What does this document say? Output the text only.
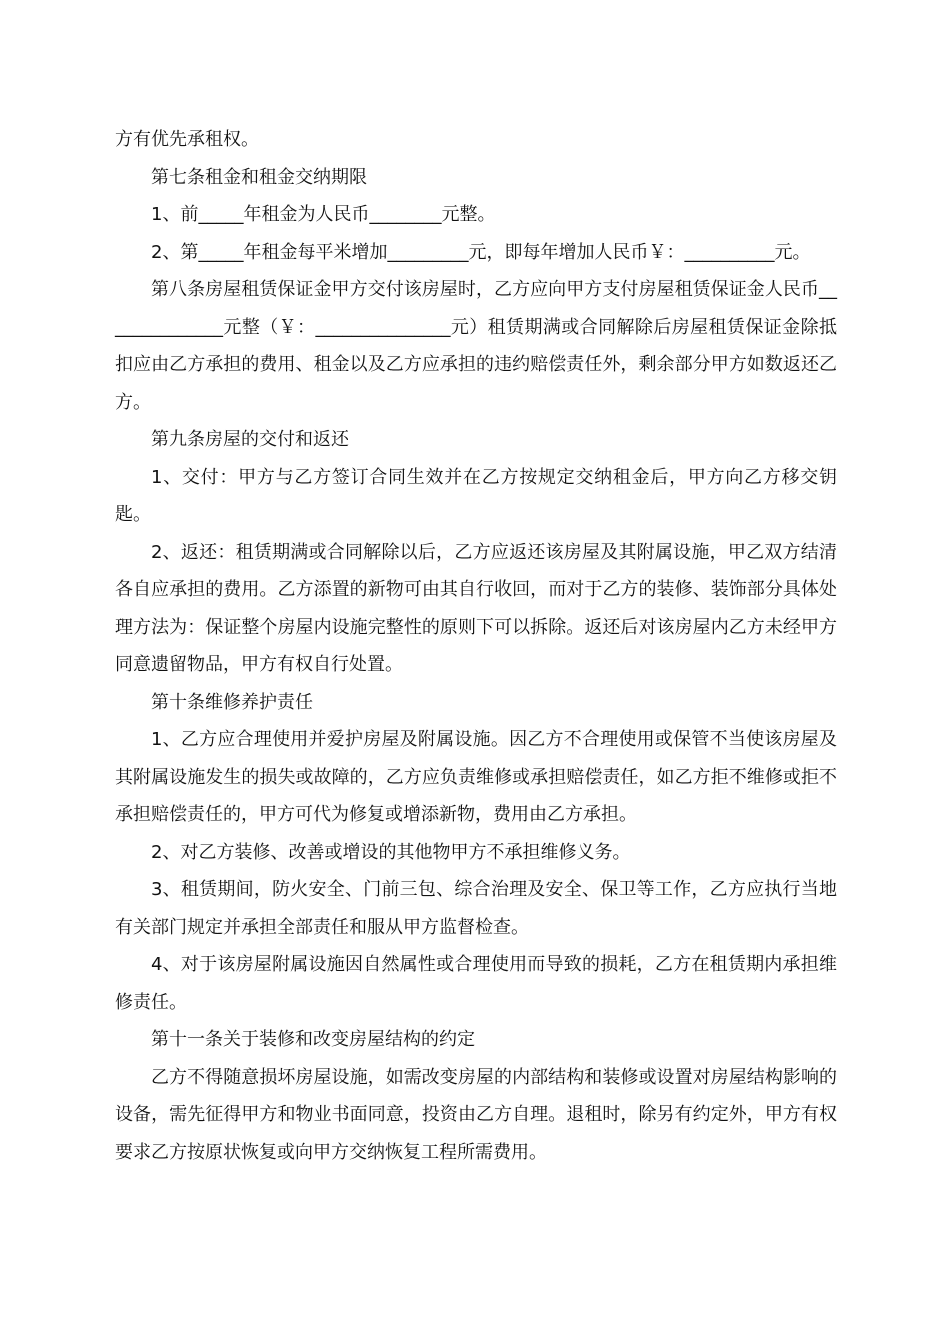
方有优先承租权。

第七条租金和租金交纳期限

1、前_____年租金为人民币________元整。

2、第_____年租金每平米增加_________元，即每年增加人民币￥：__________元。

第八条房屋租赁保证金甲方交付该房屋时，乙方应向甲方支付房屋租赁保证金人民币______________元整（￥：_______________元）租赁期满或合同解除后房屋租赁保证金除抵扣应由乙方承担的费用、租金以及乙方应承担的违约赔偿责任外，剩余部分甲方如数返还乙方。

第九条房屋的交付和返还

1、交付：甲方与乙方签订合同生效并在乙方按规定交纳租金后，甲方向乙方移交钥匙。

2、返还：租赁期满或合同解除以后，乙方应返还该房屋及其附属设施，甲乙双方结清各自应承担的费用。乙方添置的新物可由其自行收回，而对于乙方的装修、装饰部分具体处理方法为：保证整个房屋内设施完整性的原则下可以拆除。返还后对该房屋内乙方未经甲方同意遗留物品，甲方有权自行处置。

第十条维修养护责任

1、乙方应合理使用并爱护房屋及附属设施。因乙方不合理使用或保管不当使该房屋及其附属设施发生的损失或故障的，乙方应负责维修或承担赔偿责任，如乙方拒不维修或拒不承担赔偿责任的，甲方可代为修复或增添新物，费用由乙方承担。

2、对乙方装修、改善或增设的其他物甲方不承担维修义务。

3、租赁期间，防火安全、门前三包、综合治理及安全、保卫等工作，乙方应执行当地有关部门规定并承担全部责任和服从甲方监督检查。

4、对于该房屋附属设施因自然属性或合理使用而导致的损耗，乙方在租赁期内承担维修责任。

第十一条关于装修和改变房屋结构的约定

乙方不得随意损坏房屋设施，如需改变房屋的内部结构和装修或设置对房屋结构影响的设备，需先征得甲方和物业书面同意，投资由乙方自理。退租时，除另有约定外，甲方有权要求乙方按原状恢复或向甲方交纳恢复工程所需费用。
